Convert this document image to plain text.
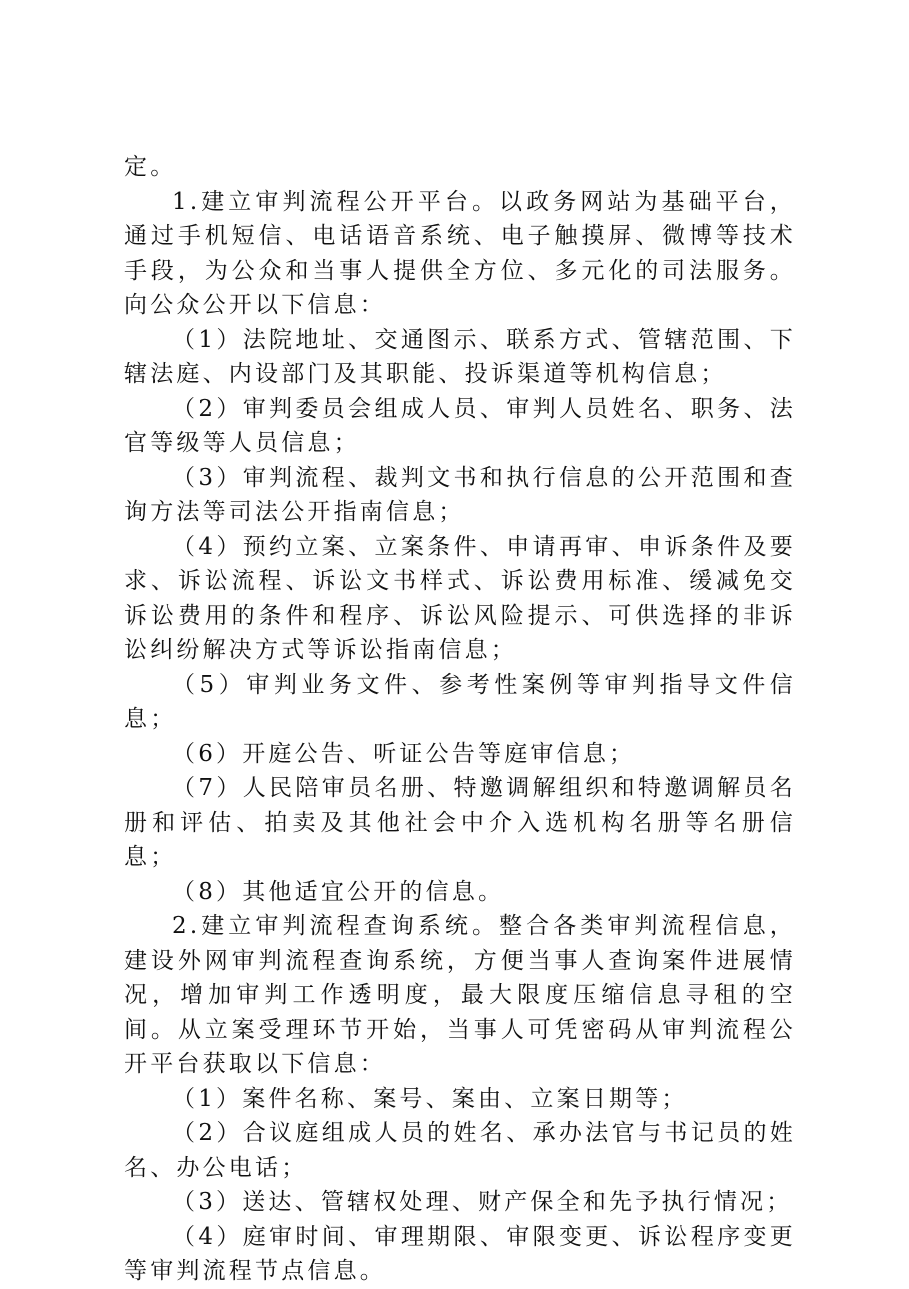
定。

1.建立审判流程公开平台。以政务网站为基础平台，通过手机短信、电话语音系统、电子触摸屏、微博等技术手段，为公众和当事人提供全方位、多元化的司法服务。向公众公开以下信息：

（1）法院地址、交通图示、联系方式、管辖范围、下辖法庭、内设部门及其职能、投诉渠道等机构信息；

（2）审判委员会组成人员、审判人员姓名、职务、法官等级等人员信息；

（3）审判流程、裁判文书和执行信息的公开范围和查询方法等司法公开指南信息；

（4）预约立案、立案条件、申请再审、申诉条件及要求、诉讼流程、诉讼文书样式、诉讼费用标准、缓减免交诉讼费用的条件和程序、诉讼风险提示、可供选择的非诉讼纠纷解决方式等诉讼指南信息；

（5）审判业务文件、参考性案例等审判指导文件信息；

（6）开庭公告、听证公告等庭审信息；

（7）人民陪审员名册、特邀调解组织和特邀调解员名册和评估、拍卖及其他社会中介入选机构名册等名册信息；

（8）其他适宜公开的信息。

2.建立审判流程查询系统。整合各类审判流程信息，建设外网审判流程查询系统，方便当事人查询案件进展情况，增加审判工作透明度，最大限度压缩信息寻租的空间。从立案受理环节开始，当事人可凭密码从审判流程公开平台获取以下信息：

（1）案件名称、案号、案由、立案日期等；

（2）合议庭组成人员的姓名、承办法官与书记员的姓名、办公电话；

（3）送达、管辖权处理、财产保全和先予执行情况；

（4）庭审时间、审理期限、审限变更、诉讼程序变更等审判流程节点信息。
